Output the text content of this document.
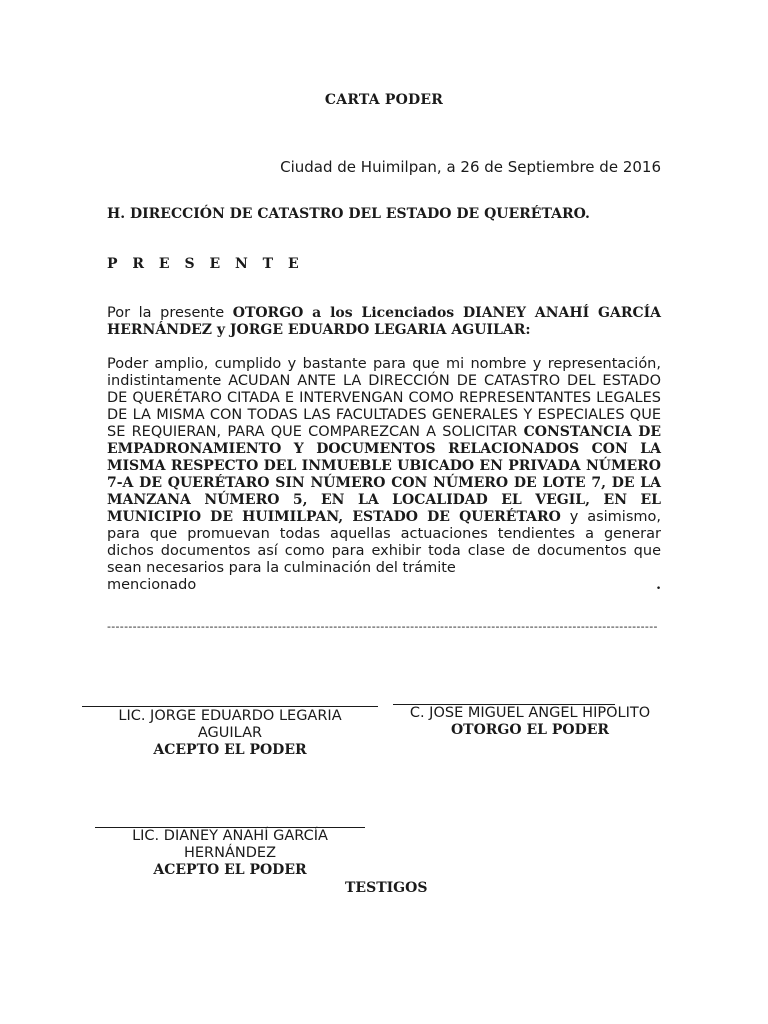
CARTA PODER
Ciudad de Huimilpan, a 26 de Septiembre de 2016
H. DIRECCIÓN DE CATASTRO DEL ESTADO DE QUERÉTARO.
P R E S E N T E
Por la presente OTORGO a los Licenciados DIANEY ANAHÍ GARCÍA HERNÁNDEZ y JORGE EDUARDO LEGARIA AGUILAR:
Poder amplio, cumplido y bastante para que mi nombre y representación, indistintamente ACUDAN ANTE LA DIRECCIÓN DE CATASTRO DEL ESTADO DE QUERÉTARO CITADA E INTERVENGAN COMO REPRESENTANTES LEGALES DE LA MISMA CON TODAS LAS FACULTADES GENERALES Y ESPECIALES QUE SE REQUIERAN, PARA QUE COMPAREZCAN A SOLICITAR CONSTANCIA DE EMPADRONAMIENTO Y DOCUMENTOS RELACIONADOS CON LA MISMA RESPECTO DEL INMUEBLE UBICADO EN PRIVADA NÚMERO 7-A DE QUERÉTARO SIN NÚMERO CON NÚMERO DE LOTE 7, DE LA MANZANA NÚMERO 5, EN LA LOCALIDAD EL VEGIL, EN EL MUNICIPIO DE HUIMILPAN, ESTADO DE QUERÉTARO y asimismo, para que promuevan todas aquellas actuaciones tendientes a generar dichos documentos así como para exhibir toda clase de documentos que sean necesarios para la culminación del trámite
mencionado	.
---------------------------------------------------------------------------------------------------------------------------------
LIC. JORGE EDUARDO LEGARIA AGUILAR
ACEPTO EL PODER
C. JOSE MIGUEL ANGEL HIPOLITO
OTORGO EL PODER
LIC. DIANEY ANAHÍ GARCÍA HERNÁNDEZ
ACEPTO EL PODER
TESTIGOS
